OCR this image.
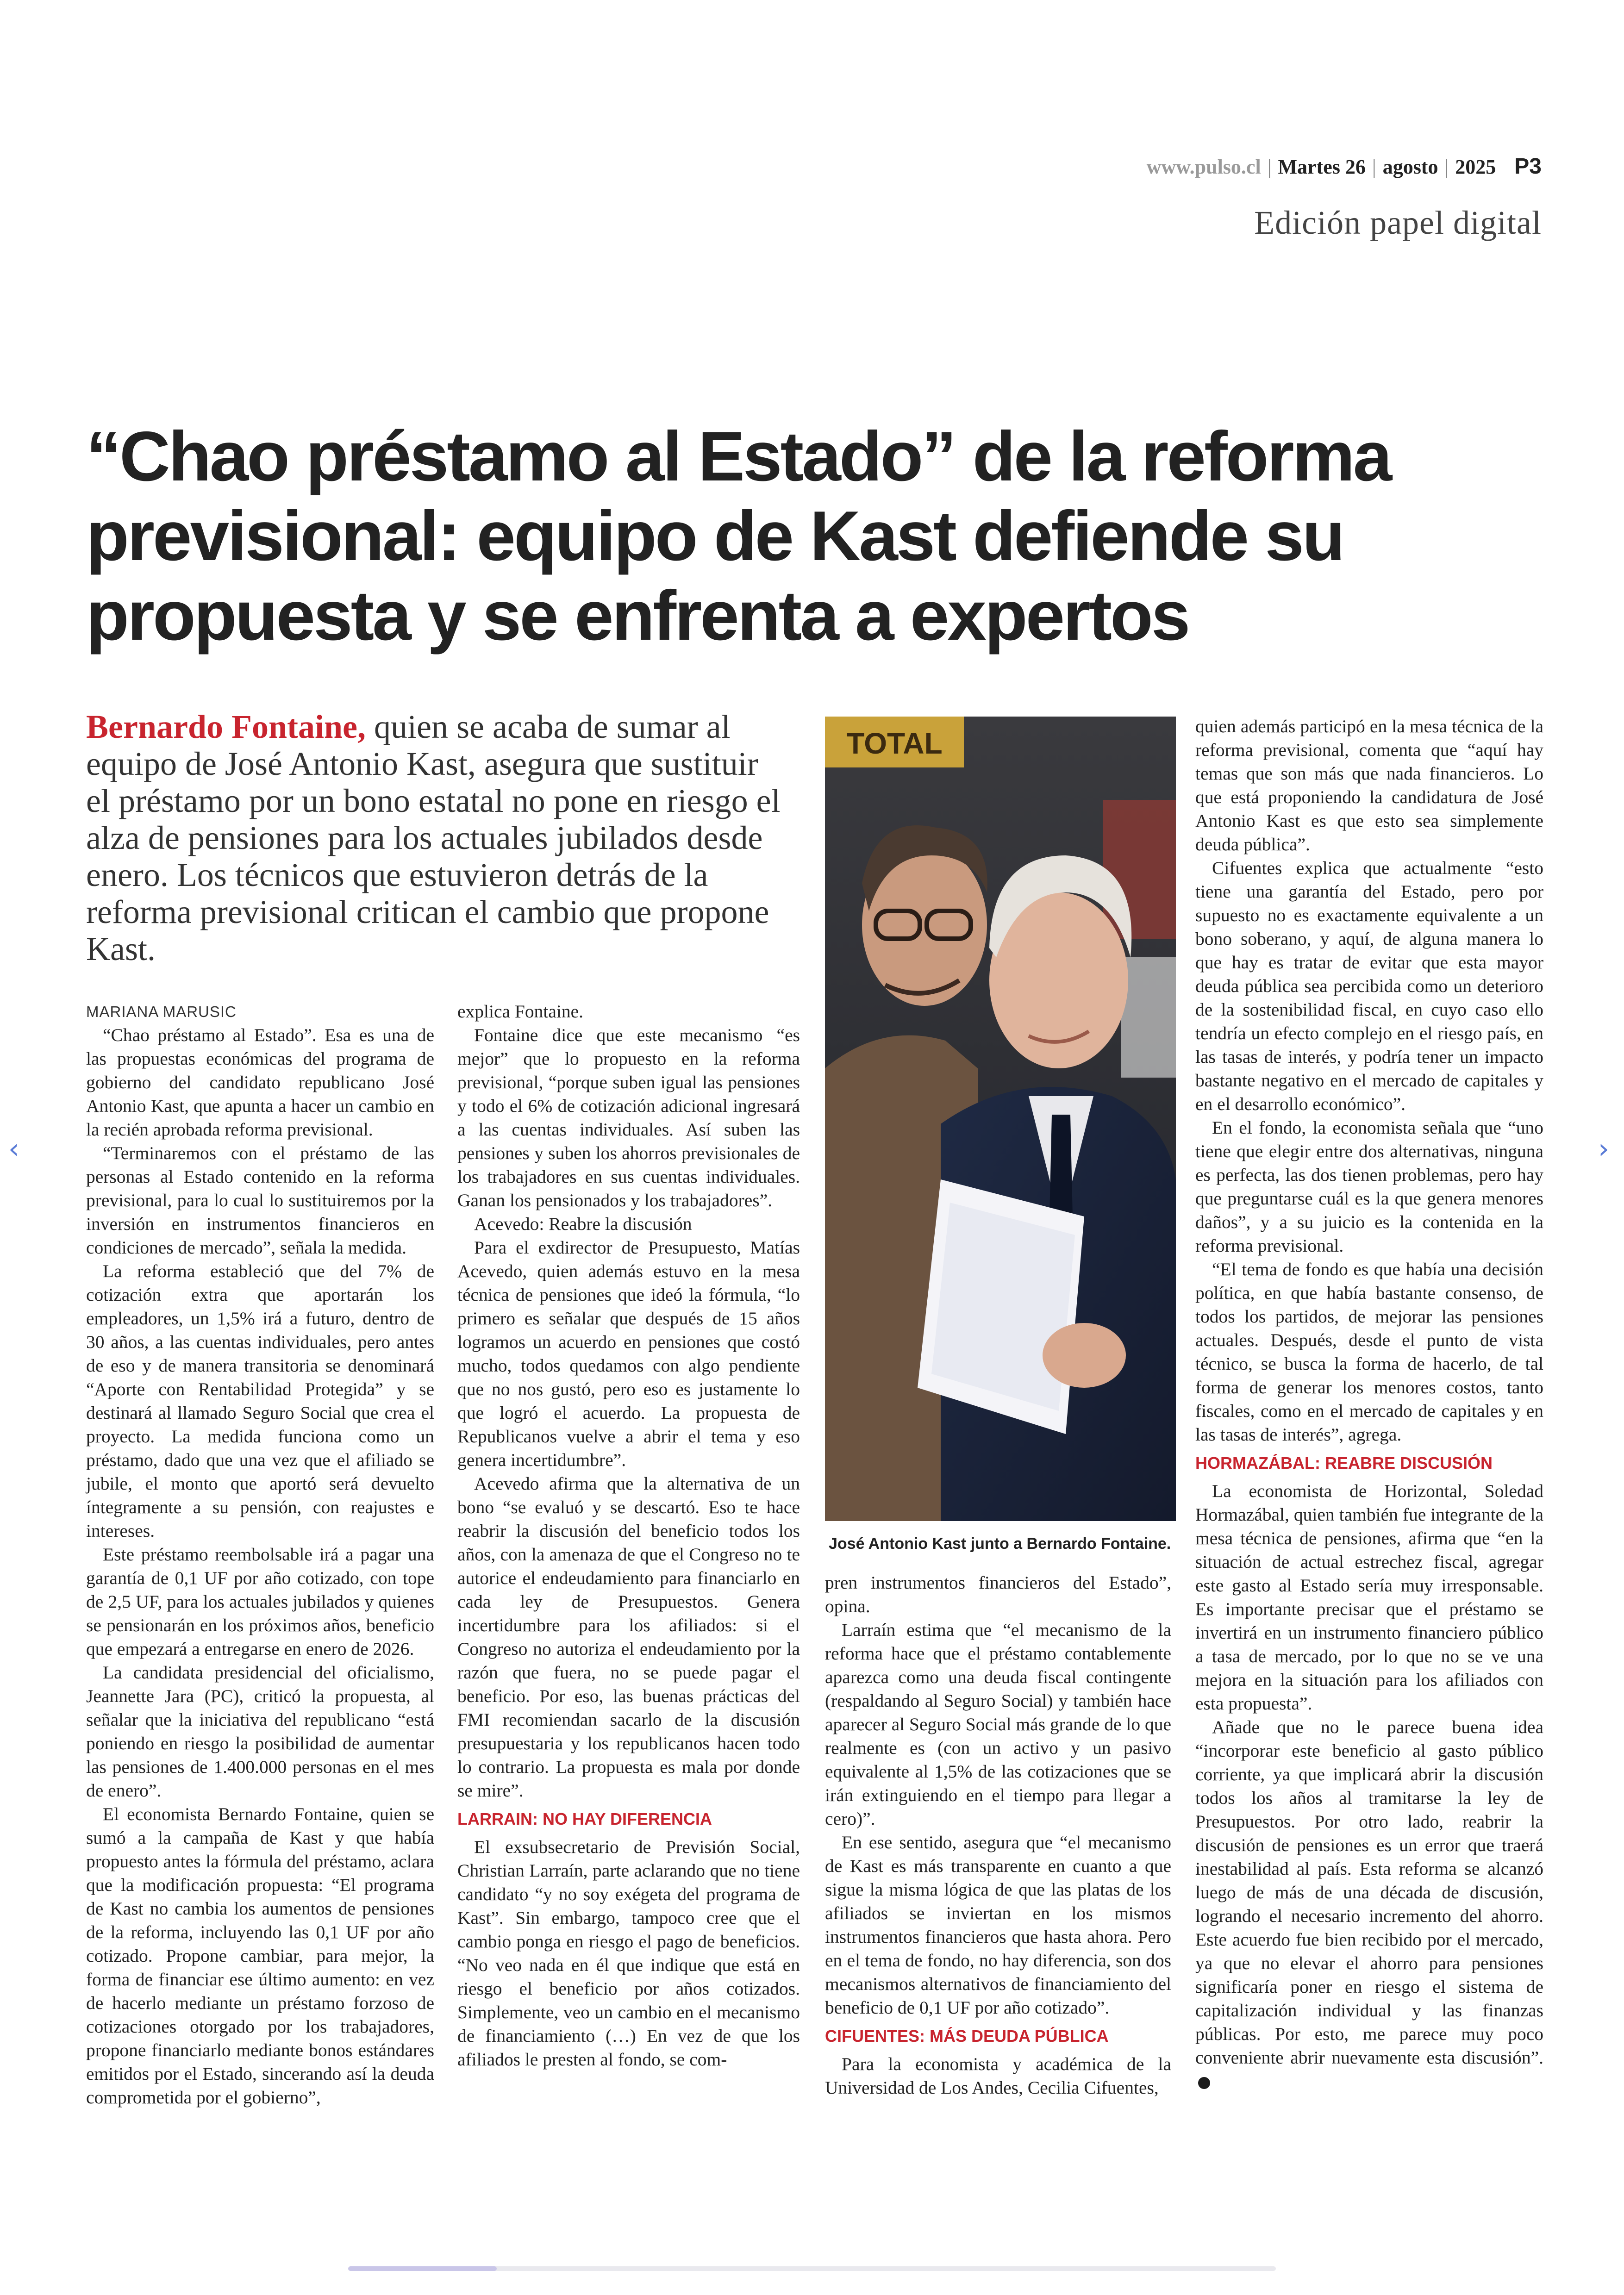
www.pulso.cl | Martes 26 | agosto | 2025 P3
Edición papel digital
“Chao préstamo al Estado” de la reforma previsional: equipo de Kast defiende su propuesta y se enfrenta a expertos

Bernardo Fontaine, quien se acaba de sumar al equipo de José Antonio Kast, asegura que sustituir el préstamo por un bono estatal no pone en riesgo el alza de pensiones para los actuales jubilados desde enero. Los técnicos que estuvieron detrás de la reforma previsional critican el cambio que propone Kast.

TOTAL
José Antonio Kast junto a Bernardo Fontaine.

MARIANA MARUSIC

“Chao préstamo al Estado”. Esa es una de las propuestas económicas del programa de gobierno del candidato republicano José Antonio Kast, que apunta a hacer un cambio en la recién aprobada reforma previsional.

“Terminaremos con el préstamo de las personas al Estado contenido en la reforma previsional, para lo cual lo sustituiremos por la inversión en instrumentos financieros en condiciones de mercado”, señala la medida.

La reforma estableció que del 7% de cotización extra que aportarán los empleadores, un 1,5% irá a futuro, dentro de 30 años, a las cuentas individuales, pero antes de eso y de manera transitoria se denominará “Aporte con Rentabilidad Protegida” y se destinará al llamado Seguro Social que crea el proyecto. La medida funciona como un préstamo, dado que una vez que el afiliado se jubile, el monto que aportó será devuelto íntegramente a su pensión, con reajustes e intereses.

Este préstamo reembolsable irá a pagar una garantía de 0,1 UF por año cotizado, con tope de 2,5 UF, para los actuales jubilados y quienes se pensionarán en los próximos años, beneficio que empezará a entregarse en enero de 2026.

La candidata presidencial del oficialismo, Jeannette Jara (PC), criticó la propuesta, al señalar que la iniciativa del republicano “está poniendo en riesgo la posibilidad de aumentar las pensiones de 1.400.000 personas en el mes de enero”.

El economista Bernardo Fontaine, quien se sumó a la campaña de Kast y que había propuesto antes la fórmula del préstamo, aclara que la modificación propuesta: “El programa de Kast no cambia los aumentos de pensiones de la reforma, incluyendo las 0,1 UF por año cotizado. Propone cambiar, para mejor, la forma de financiar ese último aumento: en vez de hacerlo mediante un préstamo forzoso de cotizaciones otorgado por los trabajadores, propone financiarlo mediante bonos estándares emitidos por el Estado, sincerando así la deuda comprometida por el gobierno”,

explica Fontaine.

Fontaine dice que este mecanismo “es mejor” que lo propuesto en la reforma previsional, “porque suben igual las pensiones y todo el 6% de cotización adicional ingresará a las cuentas individuales. Así suben las pensiones y suben los ahorros previsionales de los trabajadores en sus cuentas individuales. Ganan los pensionados y los trabajadores”.

Acevedo: Reabre la discusión

Para el exdirector de Presupuesto, Matías Acevedo, quien además estuvo en la mesa técnica de pensiones que ideó la fórmula, “lo primero es señalar que después de 15 años logramos un acuerdo en pensiones que costó mucho, todos quedamos con algo pendiente que no nos gustó, pero eso es justamente lo que logró el acuerdo. La propuesta de Republicanos vuelve a abrir el tema y eso genera incertidumbre”.

Acevedo afirma que la alternativa de un bono “se evaluó y se descartó. Eso te hace reabrir la discusión del beneficio todos los años, con la amenaza de que el Congreso no te autorice el endeudamiento para financiarlo en cada ley de Presupuestos. Genera incertidumbre para los afiliados: si el Congreso no autoriza el endeudamiento por la razón que fuera, no se puede pagar el beneficio. Por eso, las buenas prácticas del FMI recomiendan sacarlo de la discusión presupuestaria y los republicanos hacen todo lo contrario. La propuesta es mala por donde se mire”.

LARRAIN: NO HAY DIFERENCIA

El exsubsecretario de Previsión Social, Christian Larraín, parte aclarando que no tiene candidato “y no soy exégeta del programa de Kast”. Sin embargo, tampoco cree que el cambio ponga en riesgo el pago de beneficios. “No veo nada en él que indique que está en riesgo el beneficio por años cotizados. Simplemente, veo un cambio en el mecanismo de financiamiento (…) En vez de que los afiliados le presten al fondo, se com-

pren instrumentos financieros del Estado”, opina.

Larraín estima que “el mecanismo de la reforma hace que el préstamo contablemente aparezca como una deuda fiscal contingente (respaldando al Seguro Social) y también hace aparecer al Seguro Social más grande de lo que realmente es (con un activo y un pasivo equivalente al 1,5% de las cotizaciones que se irán extinguiendo en el tiempo para llegar a cero)”.

En ese sentido, asegura que “el mecanismo de Kast es más transparente en cuanto a que sigue la misma lógica de que las platas de los afiliados se inviertan en los mismos instrumentos financieros que hasta ahora. Pero en el tema de fondo, no hay diferencia, son dos mecanismos alternativos de financiamiento del beneficio de 0,1 UF por año cotizado”.

CIFUENTES: MÁS DEUDA PÚBLICA

Para la economista y académica de la Universidad de Los Andes, Cecilia Cifuentes,

quien además participó en la mesa técnica de la reforma previsional, comenta que “aquí hay temas que son más que nada financieros. Lo que está proponiendo la candidatura de José Antonio Kast es que esto sea simplemente deuda pública”.

Cifuentes explica que actualmente “esto tiene una garantía del Estado, pero por supuesto no es exactamente equivalente a un bono soberano, y aquí, de alguna manera lo que hay es tratar de evitar que esta mayor deuda pública sea percibida como un deterioro de la sostenibilidad fiscal, en cuyo caso ello tendría un efecto complejo en el riesgo país, en las tasas de interés, y podría tener un impacto bastante negativo en el mercado de capitales y en el desarrollo económico”.

En el fondo, la economista señala que “uno tiene que elegir entre dos alternativas, ninguna es perfecta, las dos tienen problemas, pero hay que preguntarse cuál es la que genera menores daños”, y a su juicio es la contenida en la reforma previsional.

“El tema de fondo es que había una decisión política, en que había bastante consenso, de todos los partidos, de mejorar las pensiones actuales. Después, desde el punto de vista técnico, se busca la forma de hacerlo, de tal forma de generar los menores costos, tanto fiscales, como en el mercado de capitales y en las tasas de interés”, agrega.

HORMAZÁBAL: REABRE DISCUSIÓN

La economista de Horizontal, Soledad Hormazábal, quien también fue integrante de la mesa técnica de pensiones, afirma que “en la situación de actual estrechez fiscal, agregar este gasto al Estado sería muy irresponsable. Es importante precisar que el préstamo se invertirá en un instrumento financiero público a tasa de mercado, por lo que no se ve una mejora en la situación para los afiliados con esta propuesta”.

Añade que no le parece buena idea “incorporar este beneficio al gasto público corriente, ya que implicará abrir la discusión todos los años al tramitarse la ley de Presupuestos. Por otro lado, reabrir la discusión de pensiones es un error que traerá inestabilidad al país. Esta reforma se alcanzó luego de más de una década de discusión, logrando el necesario incremento del ahorro. Este acuerdo fue bien recibido por el mercado, ya que no elevar el ahorro para pensiones significaría poner en riesgo el sistema de capitalización individual y las finanzas públicas. Por esto, me parece muy poco conveniente abrir nuevamente esta discusión”.

‹	›
